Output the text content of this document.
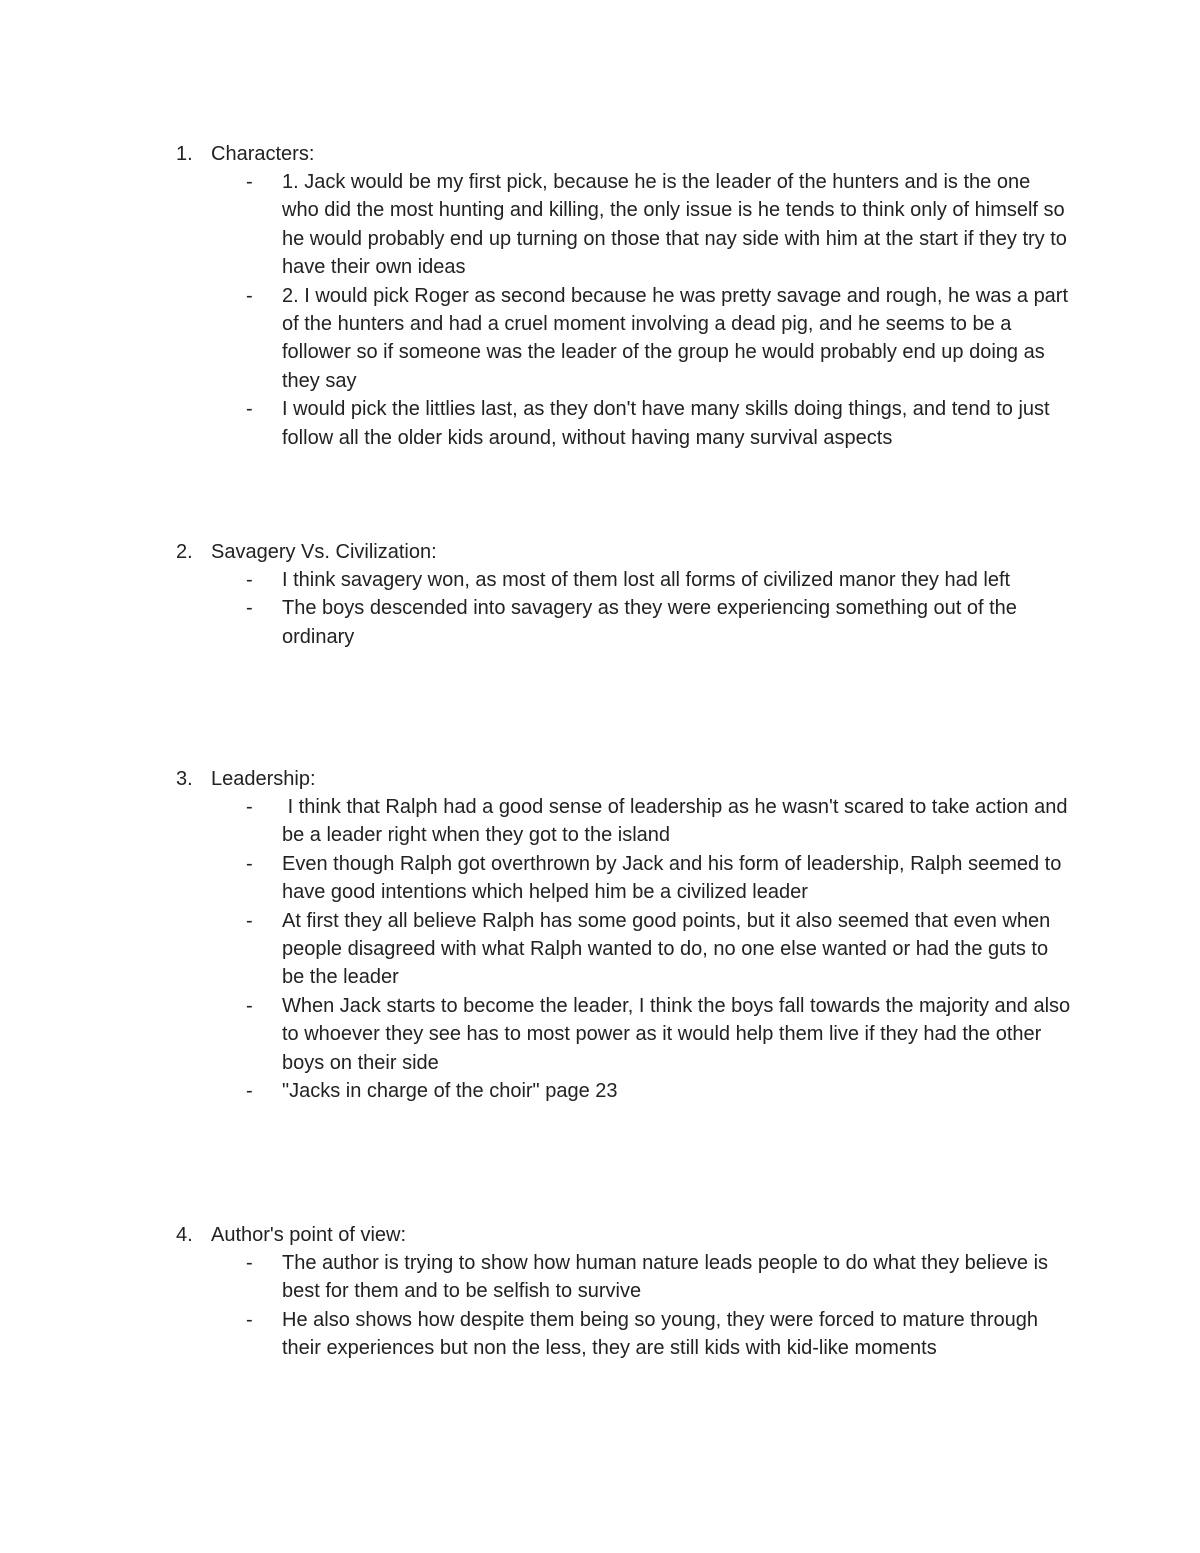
1. Characters:
- 1. Jack would be my first pick, because he is the leader of the hunters and is the one who did the most hunting and killing, the only issue is he tends to think only of himself so he would probably end up turning on those that nay side with him at the start if they try to have their own ideas
- 2. I would pick Roger as second because he was pretty savage and rough, he was a part of the hunters and had a cruel moment involving a dead pig, and he seems to be a follower so if someone was the leader of the group he would probably end up doing as they say
- I would pick the littlies last, as they don't have many skills doing things, and tend to just follow all the older kids around, without having many survival aspects
2. Savagery Vs. Civilization:
- I think savagery won, as most of them lost all forms of civilized manor they had left
- The boys descended into savagery as they were experiencing something out of the ordinary
3. Leadership:
- I think that Ralph had a good sense of leadership as he wasn't scared to take action and be a leader right when they got to the island
- Even though Ralph got overthrown by Jack and his form of leadership, Ralph seemed to have good intentions which helped him be a civilized leader
- At first they all believe Ralph has some good points, but it also seemed that even when people disagreed with what Ralph wanted to do, no one else wanted or had the guts to be the leader
- When Jack starts to become the leader, I think the boys fall towards the majority and also to whoever they see has to most power as it would help them live if they had the other boys on their side
- "Jacks in charge of the choir" page 23
4. Author's point of view:
- The author is trying to show how human nature leads people to do what they believe is best for them and to be selfish to survive
- He also shows how despite them being so young, they were forced to mature through their experiences but non the less, they are still kids with kid-like moments
